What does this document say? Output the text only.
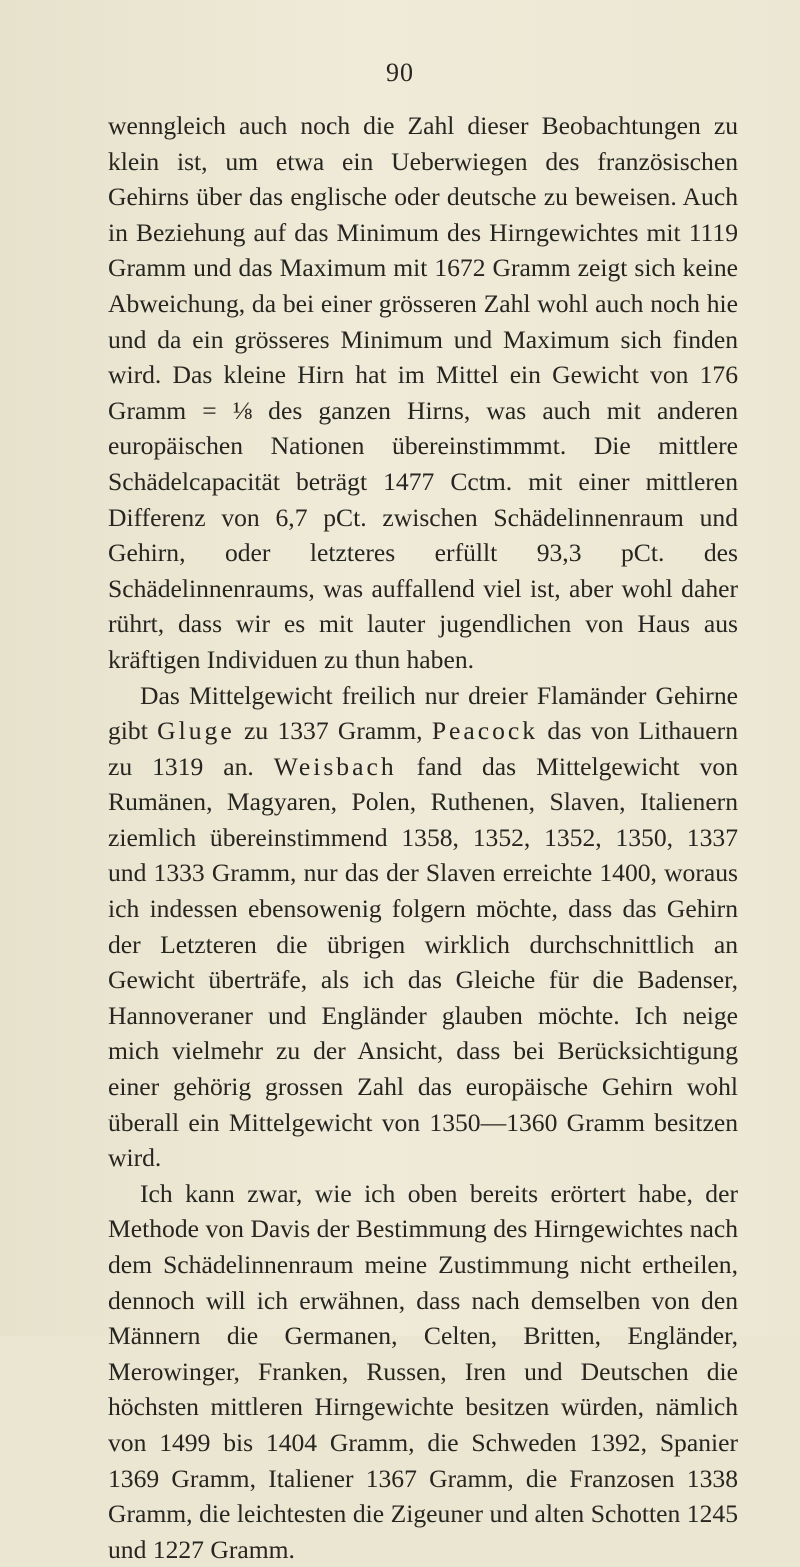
90

wenngleich auch noch die Zahl dieser Beobachtungen zu klein ist, um etwa ein Ueberwiegen des französischen Gehirns über das englische oder deutsche zu beweisen. Auch in Beziehung auf das Minimum des Hirngewichtes mit 1119 Gramm und das Maximum mit 1672 Gramm zeigt sich keine Abweichung, da bei einer grösseren Zahl wohl auch noch hie und da ein grösseres Minimum und Maximum sich finden wird. Das kleine Hirn hat im Mittel ein Gewicht von 176 Gramm = ⅛ des ganzen Hirns, was auch mit anderen europäischen Nationen übereinstimmmt. Die mittlere Schädelcapacität beträgt 1477 Cctm. mit einer mittleren Differenz von 6,7 pCt. zwischen Schädelinnenraum und Gehirn, oder letzteres erfüllt 93,3 pCt. des Schädelinnenraums, was auffallend viel ist, aber wohl daher rührt, dass wir es mit lauter jugendlichen von Haus aus kräftigen Individuen zu thun haben.

Das Mittelgewicht freilich nur dreier Flamänder Gehirne gibt Gluge zu 1337 Gramm, Peacock das von Lithauern zu 1319 an. Weisbach fand das Mittelgewicht von Rumänen, Magyaren, Polen, Ruthenen, Slaven, Italienern ziemlich übereinstimmend 1358, 1352, 1352, 1350, 1337 und 1333 Gramm, nur das der Slaven erreichte 1400, woraus ich indessen ebensowenig folgern möchte, dass das Gehirn der Letzteren die übrigen wirklich durchschnittlich an Gewicht überträfe, als ich das Gleiche für die Badenser, Hannoveraner und Engländer glauben möchte. Ich neige mich vielmehr zu der Ansicht, dass bei Berücksichtigung einer gehörig grossen Zahl das europäische Gehirn wohl überall ein Mittelgewicht von 1350—1360 Gramm besitzen wird.

Ich kann zwar, wie ich oben bereits erörtert habe, der Methode von Davis der Bestimmung des Hirngewichtes nach dem Schädelinnenraum meine Zustimmung nicht ertheilen, dennoch will ich erwähnen, dass nach demselben von den Männern die Germanen, Celten, Britten, Engländer, Merowinger, Franken, Russen, Iren und Deutschen die höchsten mittleren Hirngewichte besitzen würden, nämlich von 1499 bis 1404 Gramm, die Schweden 1392, Spanier 1369 Gramm, Italiener 1367 Gramm, die Franzosen 1338 Gramm, die leichtesten die Zigeuner und alten Schotten 1245 und 1227 Gramm.
